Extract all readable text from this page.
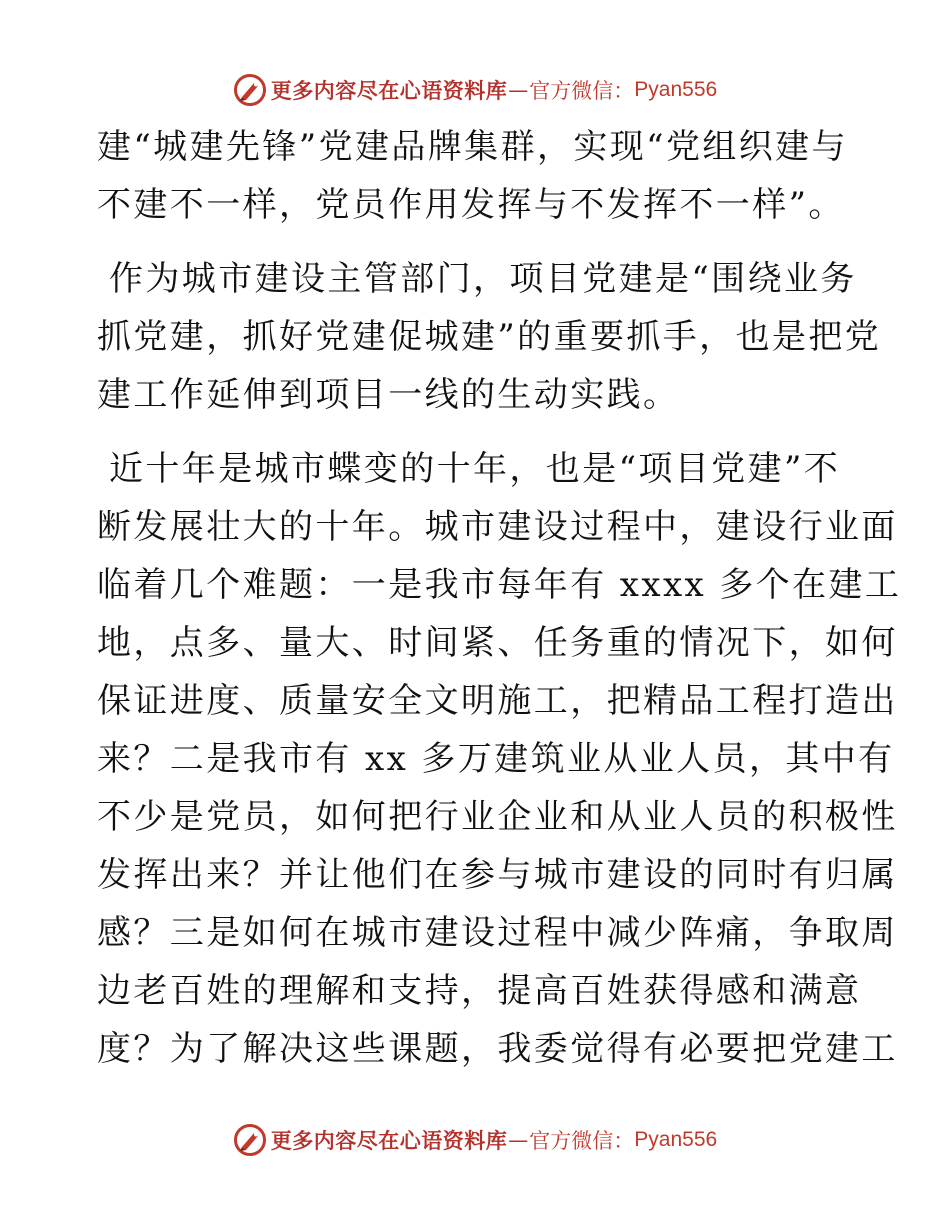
更多内容尽在心语资料库 — 官方微信： Pyan556
建“城建先锋”党建品牌集群，实现“党组织建与
不建不一样，党员作用发挥与不发挥不一样”。
作为城市建设主管部门，项目党建是“围绕业务
抓党建，抓好党建促城建”的重要抓手，也是把党
建工作延伸到项目一线的生动实践。
近十年是城市蝶变的十年，也是“项目党建”不
断发展壮大的十年。城市建设过程中，建设行业面
临着几个难题：一是我市每年有 xxxx 多个在建工
地，点多、量大、时间紧、任务重的情况下，如何
保证进度、质量安全文明施工，把精品工程打造出
来？二是我市有 xx 多万建筑业从业人员，其中有
不少是党员，如何把行业企业和从业人员的积极性
发挥出来？并让他们在参与城市建设的同时有归属
感？三是如何在城市建设过程中减少阵痛，争取周
边老百姓的理解和支持，提高百姓获得感和满意
度？为了解决这些课题，我委觉得有必要把党建工
更多内容尽在心语资料库 — 官方微信： Pyan556
